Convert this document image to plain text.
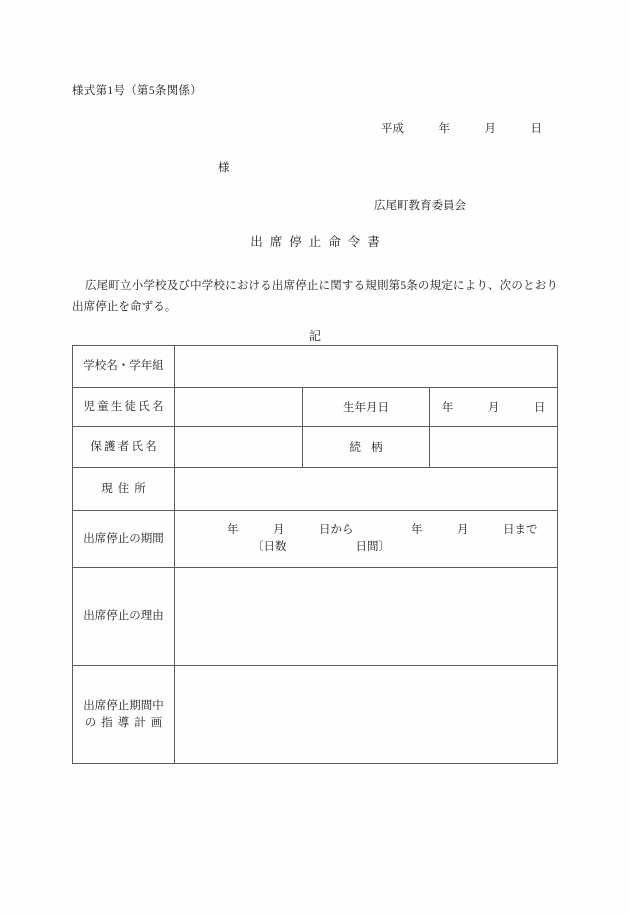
様式第1号（第5条関係）
平成　　　年　　　月　　　日
様
広尾町教育委員会
出席停止命令書
広尾町立小学校及び中学校における出席停止に関する規則第5条の規定により、次のとおり出席停止を命ずる。
記
学校名・学年組			

児童生徒氏名		生年月日	年　　　月　　　日

保護者氏名		続柄	

現住所			

出席停止の期間	年　　　月　　　日から　　　　　年　　　月　　　日まで
〔日数　　　　　　日間〕		

出席停止の理由			

出席停止期間中
の指導計画			
